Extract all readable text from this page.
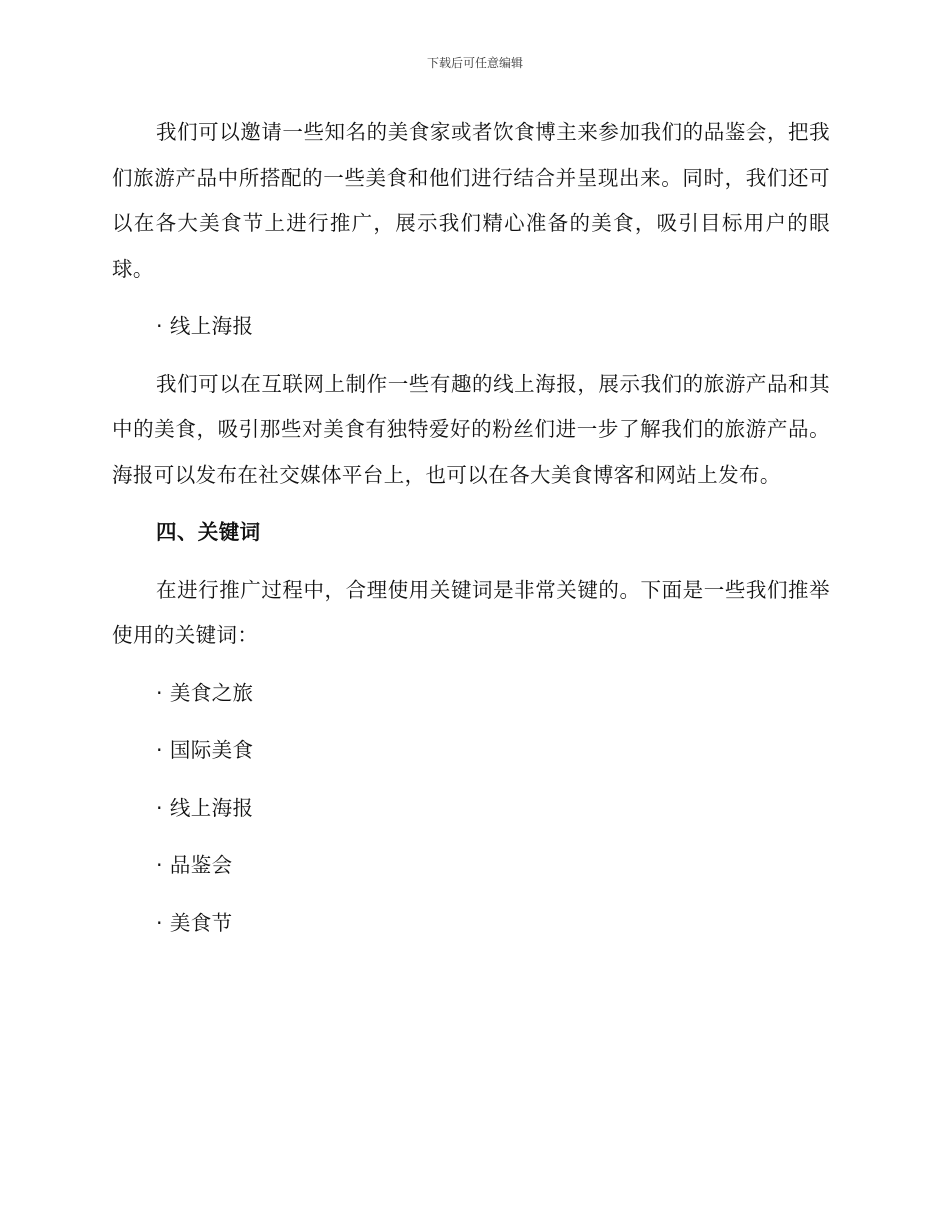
下载后可任意编辑

我们可以邀请一些知名的美食家或者饮食博主来参加我们的品鉴会，把我们旅游产品中所搭配的一些美食和他们进行结合并呈现出来。同时，我们还可以在各大美食节上进行推广，展示我们精心准备的美食，吸引目标用户的眼球。

· 线上海报

我们可以在互联网上制作一些有趣的线上海报，展示我们的旅游产品和其中的美食，吸引那些对美食有独特爱好的粉丝们进一步了解我们的旅游产品。海报可以发布在社交媒体平台上，也可以在各大美食博客和网站上发布。

四、关键词

在进行推广过程中，合理使用关键词是非常关键的。下面是一些我们推举使用的关键词：

· 美食之旅

· 国际美食

· 线上海报

· 品鉴会

· 美食节
